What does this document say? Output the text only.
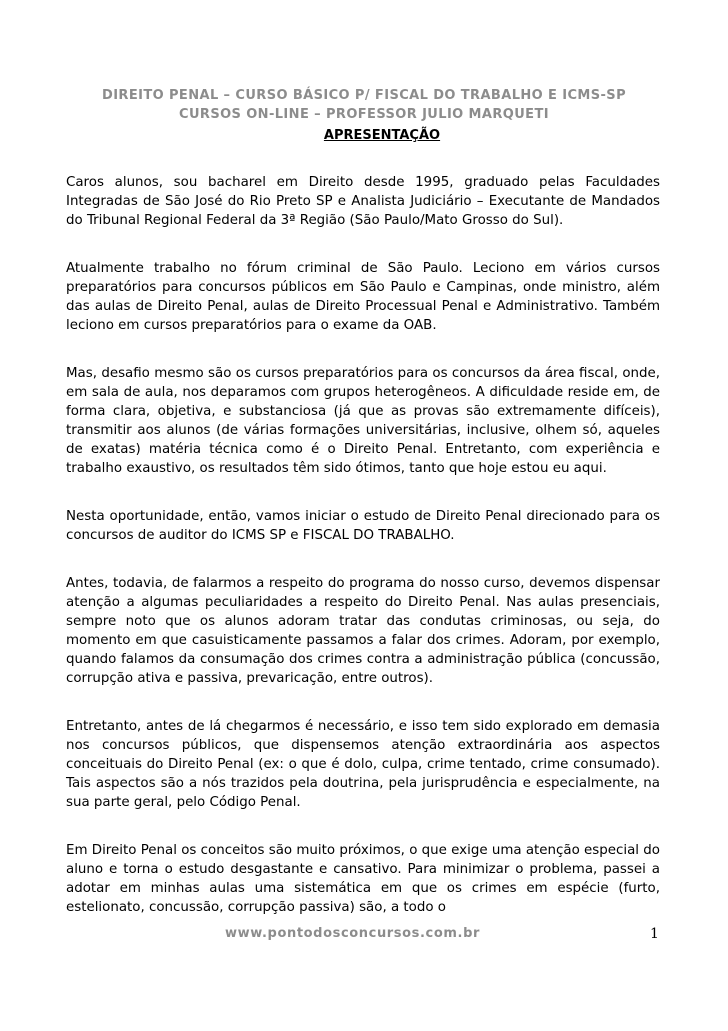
DIREITO PENAL – CURSO BÁSICO P/ FISCAL DO TRABALHO E ICMS-SP
CURSOS ON-LINE – PROFESSOR JULIO MARQUETI
APRESENTAÇÃO

Caros alunos, sou bacharel em Direito desde 1995, graduado pelas Faculdades Integradas de São José do Rio Preto SP e Analista Judiciário – Executante de Mandados do Tribunal Regional Federal da 3ª Região (São Paulo/Mato Grosso do Sul).

Atualmente trabalho no fórum criminal de São Paulo. Leciono em vários cursos preparatórios para concursos públicos em São Paulo e Campinas, onde ministro, além das aulas de Direito Penal, aulas de Direito Processual Penal e Administrativo. Também leciono em cursos preparatórios para o exame da OAB.

Mas, desafio mesmo são os cursos preparatórios para os concursos da área fiscal, onde, em sala de aula, nos deparamos com grupos heterogêneos. A dificuldade reside em, de forma clara, objetiva, e substanciosa (já que as provas são extremamente difíceis), transmitir aos alunos (de várias formações universitárias, inclusive, olhem só, aqueles de exatas) matéria técnica como é o Direito Penal. Entretanto, com experiência e trabalho exaustivo, os resultados têm sido ótimos, tanto que hoje estou eu aqui.

Nesta oportunidade, então, vamos iniciar o estudo de Direito Penal direcionado para os concursos de auditor do ICMS SP e FISCAL DO TRABALHO.

Antes, todavia, de falarmos a respeito do programa do nosso curso, devemos dispensar atenção a algumas peculiaridades a respeito do Direito Penal. Nas aulas presenciais, sempre noto que os alunos adoram tratar das condutas criminosas, ou seja, do momento em que casuisticamente passamos a falar dos crimes. Adoram, por exemplo, quando falamos da consumação dos crimes contra a administração pública (concussão, corrupção ativa e passiva, prevaricação, entre outros).

Entretanto, antes de lá chegarmos é necessário, e isso tem sido explorado em demasia nos concursos públicos, que dispensemos atenção extraordinária aos aspectos conceituais do Direito Penal (ex: o que é dolo, culpa, crime tentado, crime consumado). Tais aspectos são a nós trazidos pela doutrina, pela jurisprudência e especialmente, na sua parte geral, pelo Código Penal.

Em Direito Penal os conceitos são muito próximos, o que exige uma atenção especial do aluno e torna o estudo desgastante e cansativo. Para minimizar o problema, passei a adotar em minhas aulas uma sistemática em que os crimes em espécie (furto, estelionato, concussão, corrupção passiva) são, a todo o

www.pontodosconcursos.com.br	1
